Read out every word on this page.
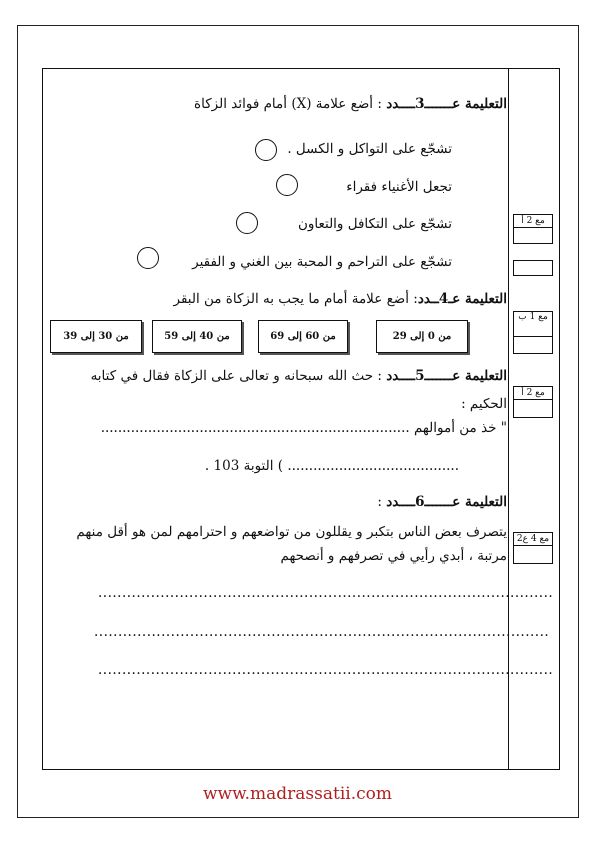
التعليمة عـــــــ3ــــدد : أضع علامة (X) أمام فوائد الزكاة
تشجّع على التواكل و الكسل .
تجعل الأغنياء فقراء
تشجّع على التكافل والتعاون
تشجّع على التراحم و المحبة بين الغني و الفقير
التعليمة عـ4ــدد: أضع علامة أمام ما يجب به الزكاة من البقر
من 0 إلى 29
من 60 إلى 69
من 40 إلى 59
من 30 إلى 39
التعليمة عـــــــ5ــــدد : حث الله سبحانه و تعالى على الزكاة فقال في كتابه
الحكيم :
" خذ من أموالهم ........................................................................
........................................ ) التوبة 103 .
التعليمة عـــــــ6ــــدد :
يتصرف بعض الناس بتكبر و يقللون من تواضعهم و احترامهم لمن هو أقل منهم
مرتبة ، أبدي رأيي في تصرفهم و أنصحهم
...............................................................................................
...............................................................................................
...............................................................................................
مع 2 أ
مع 1 ب
مع 2 أ
مع 4 ع2
www.madrassatii.com
